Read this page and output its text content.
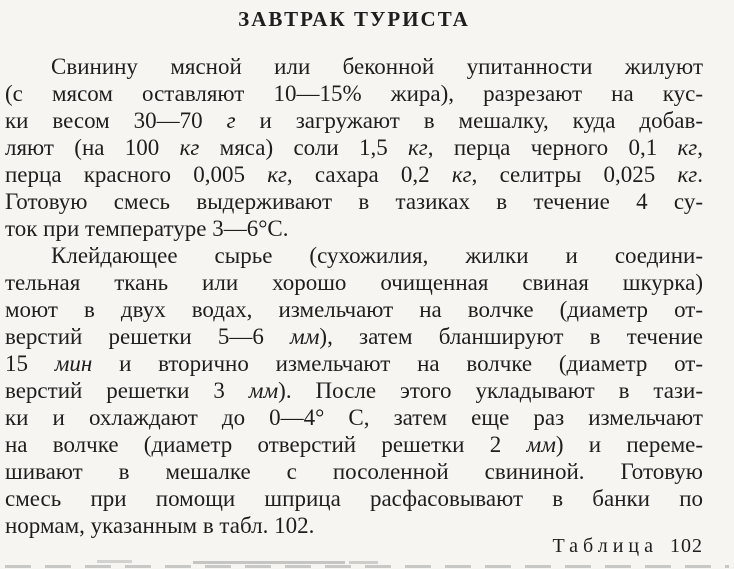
ЗАВТРАК ТУРИСТА
Свинину мясной или беконной упитанности жилуют
(с мясом оставляют 10—15% жира), разрезают на кус-
ки весом 30—70 г и загружают в мешалку, куда добав-
ляют (на 100 кг мяса) соли 1,5 кг, перца черного 0,1 кг,
перца красного 0,005 кг, сахара 0,2 кг, селитры 0,025 кг.
Готовую смесь выдерживают в тазиках в течение 4 су-
ток при температуре 3—6°С.
Клейдающее сырье (сухожилия, жилки и соедини-
тельная ткань или хорошо очищенная свиная шкурка)
моют в двух водах, измельчают на волчке (диаметр от-
верстий решетки 5—6 мм), затем бланшируют в течение
15 мин и вторично измельчают на волчке (диаметр от-
верстий решетки 3 мм). После этого укладывают в тази-
ки и охлаждают до 0—4° С, затем еще раз измельчают
на волчке (диаметр отверстий решетки 2 мм) и переме-
шивают в мешалке с посоленной свининой. Готовую
смесь при помощи шприца расфасовывают в банки по
нормам, указанным в табл. 102.
Таблица 102
